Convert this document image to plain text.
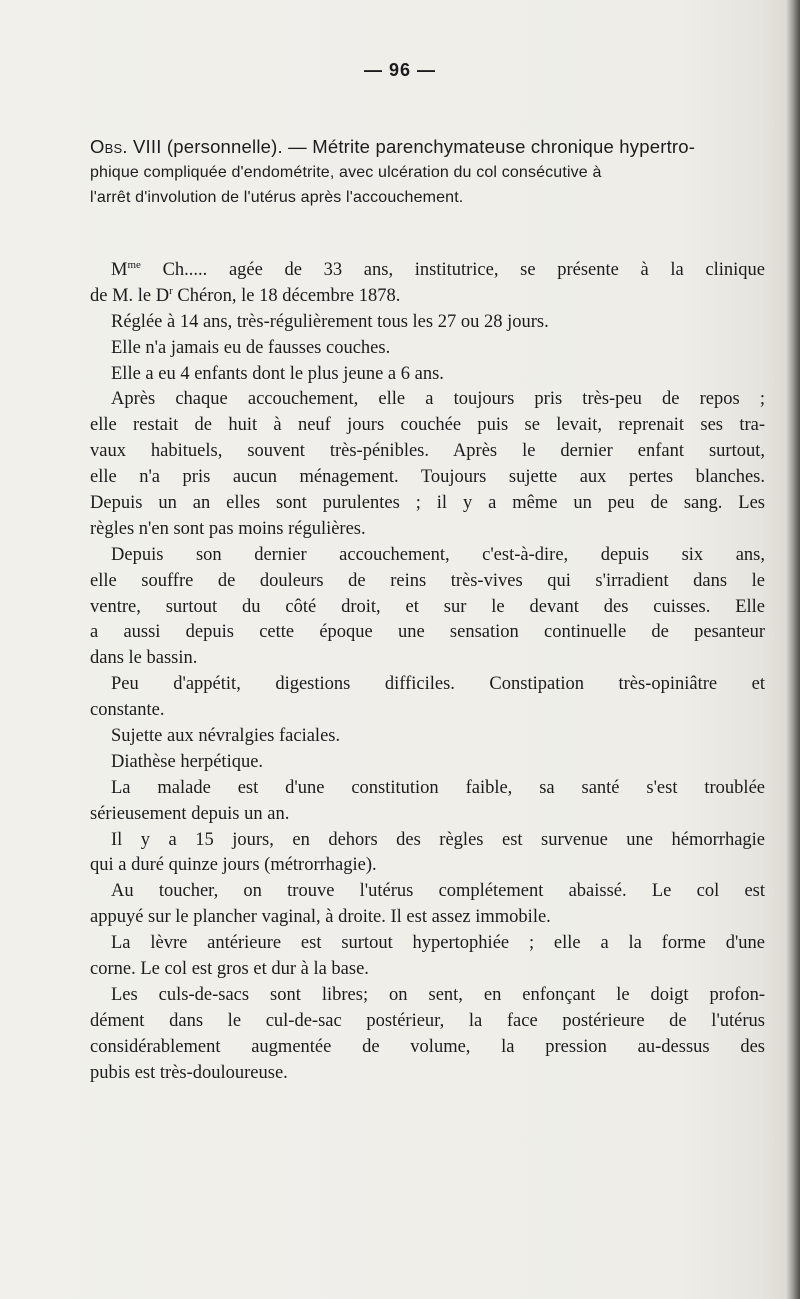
— 96 —
Obs. VIII (personnelle). — Métrite parenchymateuse chronique hypertro-
phique compliquée d'endométrite, avec ulcération du col consécutive à
l'arrêt d'involution de l'utérus après l'accouchement.
$M^{me}$ Ch..... agée de 33 ans, institutrice, se présente à la clinique
de M. le $D^r$ Chéron, le 18 décembre 1878.
Réglée à 14 ans, très-régulièrement tous les 27 ou 28 jours.
Elle n'a jamais eu de fausses couches.
Elle a eu 4 enfants dont le plus jeune a 6 ans.
Après chaque accouchement, elle a toujours pris très-peu de repos ;
elle restait de huit à neuf jours couchée puis se levait, reprenait ses tra-
vaux habituels, souvent très-pénibles. Après le dernier enfant surtout,
elle n'a pris aucun ménagement. Toujours sujette aux pertes blanches.
Depuis un an elles sont purulentes ; il y a même un peu de sang. Les
règles n'en sont pas moins régulières.
Depuis son dernier accouchement, c'est-à-dire, depuis six ans,
elle souffre de douleurs de reins très-vives qui s'irradient dans le
ventre, surtout du côté droit, et sur le devant des cuisses. Elle
a aussi depuis cette époque une sensation continuelle de pesanteur
dans le bassin.
Peu d'appétit, digestions difficiles. Constipation très-opiniâtre et
constante.
Sujette aux névralgies faciales.
Diathèse herpétique.
La malade est d'une constitution faible, sa santé s'est troublée
sérieusement depuis un an.
Il y a 15 jours, en dehors des règles est survenue une hémorrhagie
qui a duré quinze jours (métrorrhagie).
Au toucher, on trouve l'utérus complétement abaissé. Le col est
appuyé sur le plancher vaginal, à droite. Il est assez immobile.
La lèvre antérieure est surtout hypertophiée ; elle a la forme d'une
corne. Le col est gros et dur à la base.
Les culs-de-sacs sont libres; on sent, en enfonçant le doigt profon-
dément dans le cul-de-sac postérieur, la face postérieure de l'utérus
considérablement augmentée de volume, la pression au-dessus des
pubis est très-douloureuse.
